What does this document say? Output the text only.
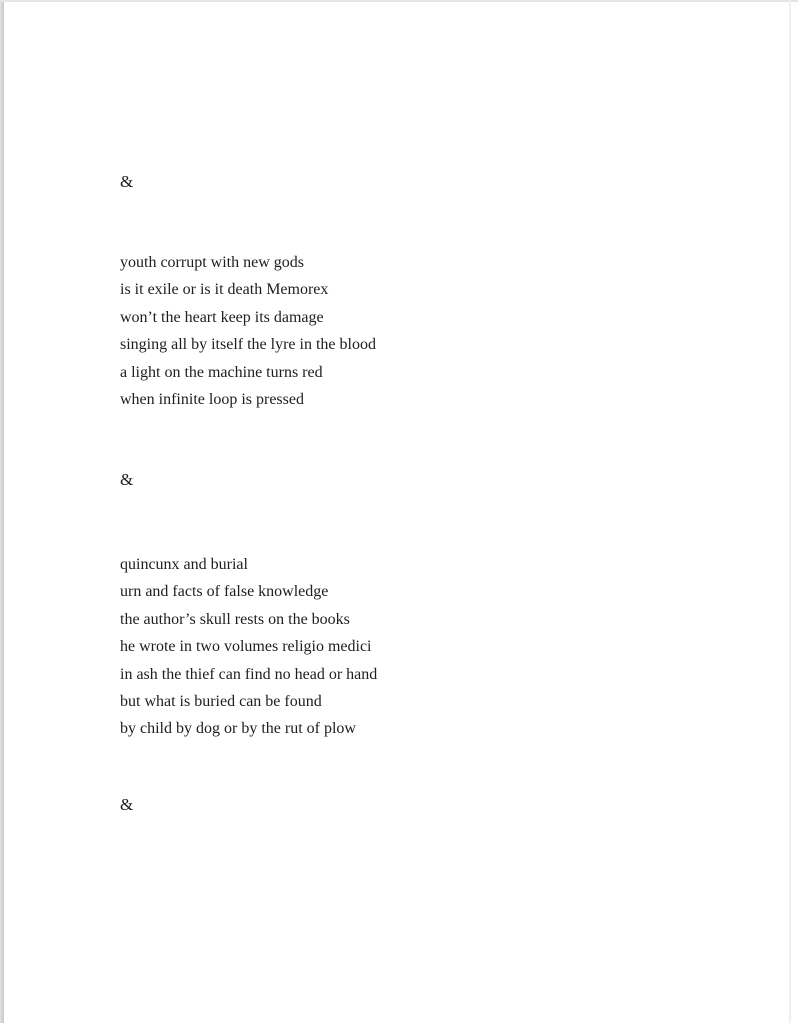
&
youth corrupt with new gods
is it exile or is it death Memorex
won’t the heart keep its damage
singing all by itself the lyre in the blood
a light on the machine turns red
when infinite loop is pressed
&
quincunx and burial
urn and facts of false knowledge
the author’s skull rests on the books
he wrote in two volumes religio medici
in ash the thief can find no head or hand
but what is buried can be found
by child by dog or by the rut of plow
&
